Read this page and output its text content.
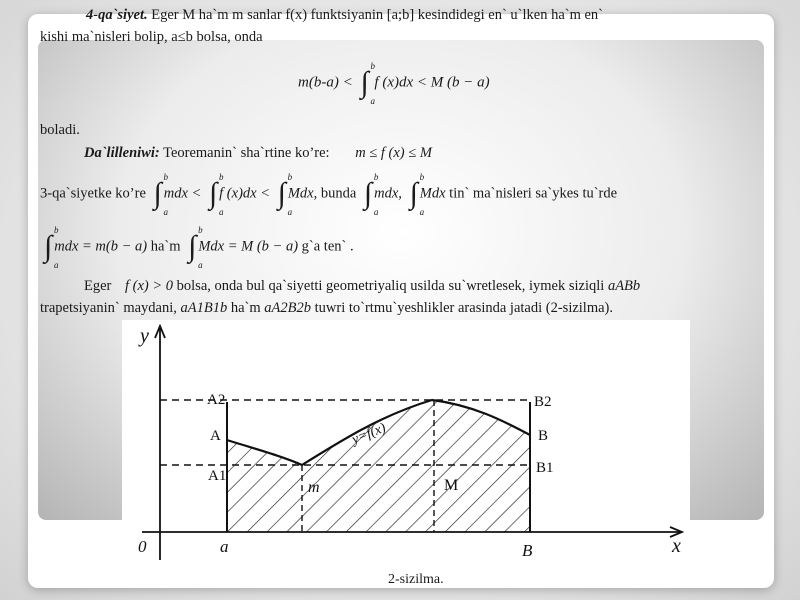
4-qa`siyet. Eger M ha`m m sanlar f(x) funktsiyanin [a;b] kesindidegi en` u`lken ha`m en`
kishi ma`nisleri bolip, a≤b bolsa, onda
m(b-a) < ∫ b
a
f (x)dx < M (b − a)
boladi.
Da`lilleniwi: Teoremanin` sha`rtine ko’re: m ≤ f (x) ≤ M
3-qa`siyetke ko’re ∫ b
a
mdx < ∫ b
a
f (x)dx < ∫ b
a
Mdx, bunda ∫ b
a
mdx, ∫ b
a
Mdx tin` ma`nisleri sa`ykes tu`rde
∫ b
a
mdx = m(b − a) ha`m ∫ b
a
Mdx = M (b − a) g`a ten` .
Eger f (x) > 0 bolsa, onda bul qa`siyetti geometriyaliq usilda su`wretlesek, iymek siziqli aABb
trapetsiyanin` maydani, aA1B1b ha`m aA2B2b tuwri to`rtmu`yeshlikler arasinda jatadi (2-sizilma).
y
x
0	a	B
A2
A
A1
B2
B
B1
m	M
y=f(x)
2-sizilma.
